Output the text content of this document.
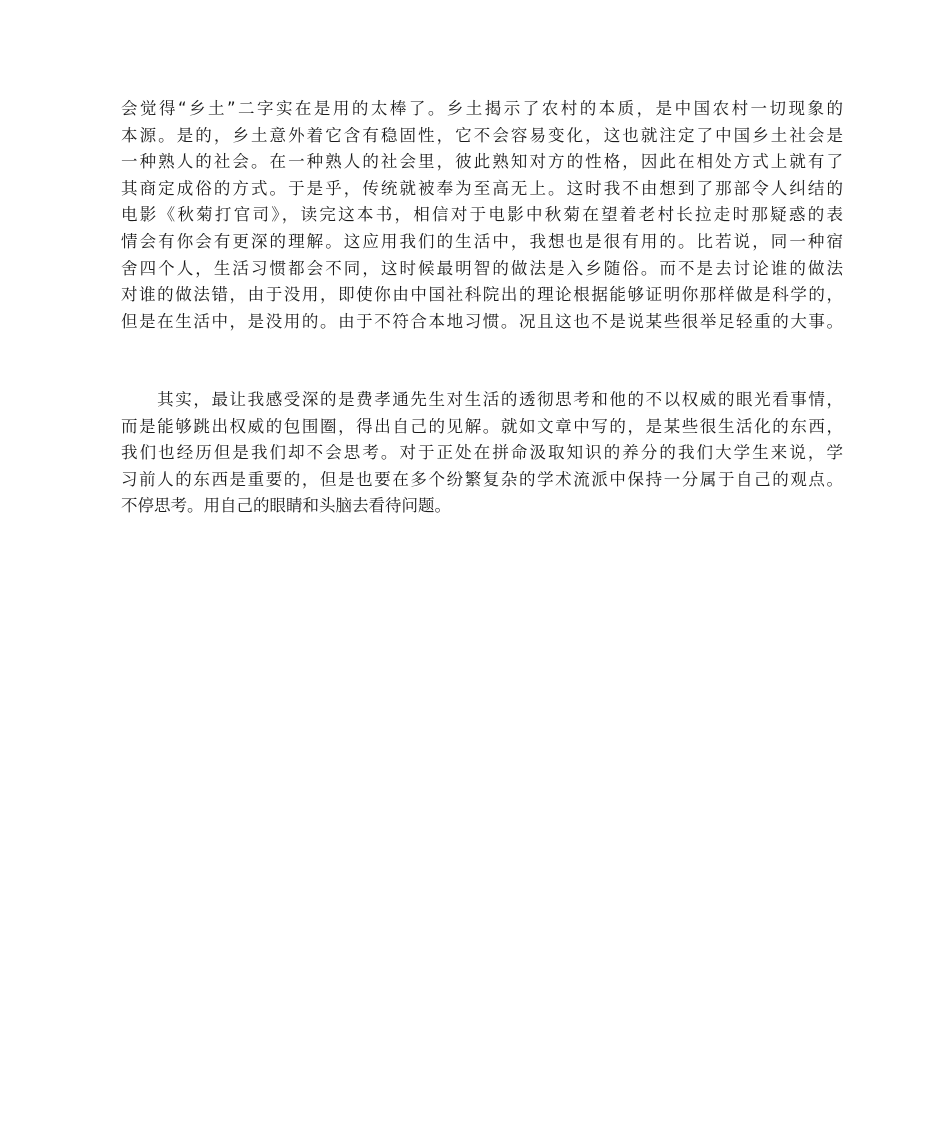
会觉得“乡土”二字实在是用的太棒了。乡土揭示了农村的本质，是中国农村一切现象的
本源。是的，乡土意外着它含有稳固性，它不会容易变化，这也就注定了中国乡土社会是
一种熟人的社会。在一种熟人的社会里，彼此熟知对方的性格，因此在相处方式上就有了
其商定成俗的方式。于是乎，传统就被奉为至高无上。这时我不由想到了那部令人纠结的
电影《秋菊打官司》，读完这本书，相信对于电影中秋菊在望着老村长拉走时那疑惑的表
情会有你会有更深的理解。这应用我们的生活中，我想也是很有用的。比若说，同一种宿
舍四个人，生活习惯都会不同，这时候最明智的做法是入乡随俗。而不是去讨论谁的做法
对谁的做法错，由于没用，即使你由中国社科院出的理论根据能够证明你那样做是科学的，
但是在生活中，是没用的。由于不符合本地习惯。况且这也不是说某些很举足轻重的大事。
　　其实，最让我感受深的是费孝通先生对生活的透彻思考和他的不以权威的眼光看事情，
而是能够跳出权威的包围圈，得出自己的见解。就如文章中写的，是某些很生活化的东西，
我们也经历但是我们却不会思考。对于正处在拼命汲取知识的养分的我们大学生来说，学
习前人的东西是重要的，但是也要在多个纷繁复杂的学术流派中保持一分属于自己的观点。
不停思考。用自己的眼睛和头脑去看待问题。
